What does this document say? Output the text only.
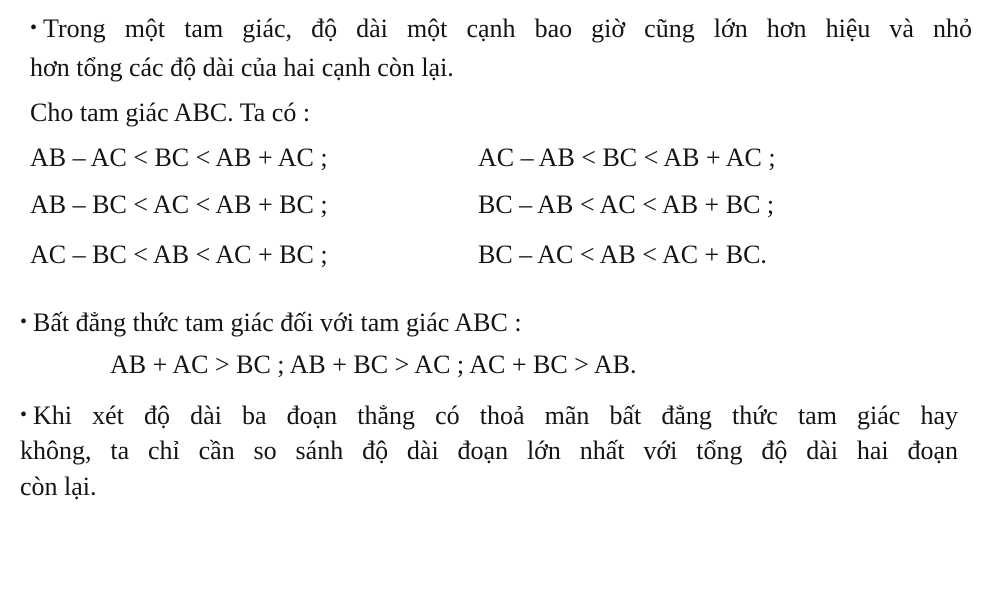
• Trong một tam giác, độ dài một cạnh bao giờ cũng lớn hơn hiệu và nhỏ
hơn tổng các độ dài của hai cạnh còn lại.
Cho tam giác ABC. Ta có :
AB – AC < BC < AB + AC ;
AB – BC < AC < AB + BC ;
AC – BC < AB < AC + BC ;
AC – AB < BC < AB + AC ;
BC – AB < AC < AB + BC ;
BC – AC < AB < AC + BC.
• Bất đẳng thức tam giác đối với tam giác ABC :
AB + AC > BC ; AB + BC > AC ; AC + BC > AB.
• Khi xét độ dài ba đoạn thẳng có thoả mãn bất đẳng thức tam giác hay
không, ta chỉ cần so sánh độ dài đoạn lớn nhất với tổng độ dài hai đoạn
còn lại.
